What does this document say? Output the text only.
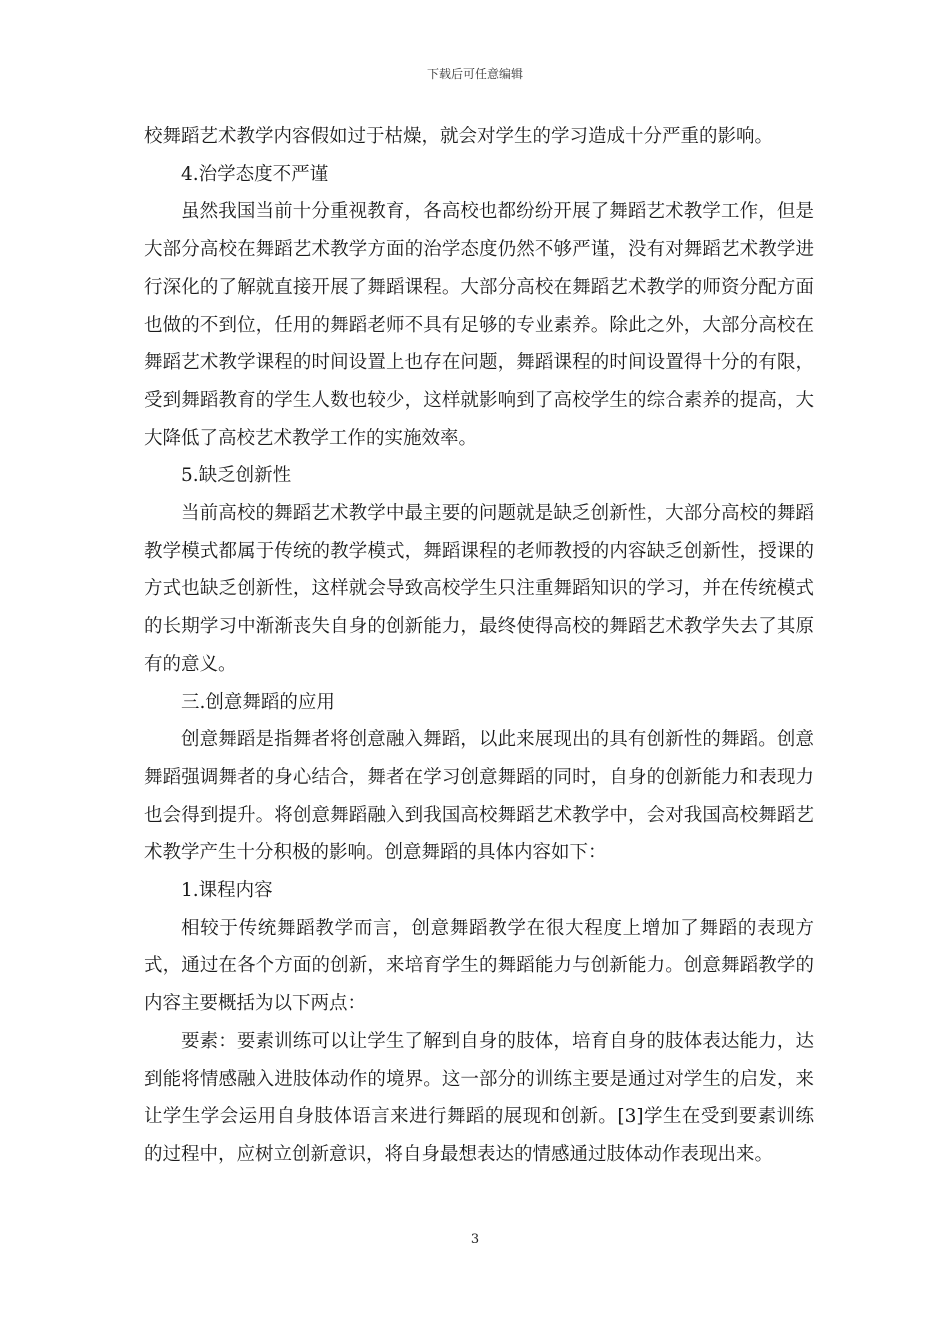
下载后可任意编辑

校舞蹈艺术教学内容假如过于枯燥，就会对学生的学习造成十分严重的影响。

4.治学态度不严谨

虽然我国当前十分重视教育，各高校也都纷纷开展了舞蹈艺术教学工作，但是大部分高校在舞蹈艺术教学方面的治学态度仍然不够严谨，没有对舞蹈艺术教学进行深化的了解就直接开展了舞蹈课程。大部分高校在舞蹈艺术教学的师资分配方面也做的不到位，任用的舞蹈老师不具有足够的专业素养。除此之外，大部分高校在舞蹈艺术教学课程的时间设置上也存在问题，舞蹈课程的时间设置得十分的有限，受到舞蹈教育的学生人数也较少，这样就影响到了高校学生的综合素养的提高，大大降低了高校艺术教学工作的实施效率。

5.缺乏创新性

当前高校的舞蹈艺术教学中最主要的问题就是缺乏创新性，大部分高校的舞蹈教学模式都属于传统的教学模式，舞蹈课程的老师教授的内容缺乏创新性，授课的方式也缺乏创新性，这样就会导致高校学生只注重舞蹈知识的学习，并在传统模式的长期学习中渐渐丧失自身的创新能力，最终使得高校的舞蹈艺术教学失去了其原有的意义。

三.创意舞蹈的应用

创意舞蹈是指舞者将创意融入舞蹈，以此来展现出的具有创新性的舞蹈。创意舞蹈强调舞者的身心结合，舞者在学习创意舞蹈的同时，自身的创新能力和表现力也会得到提升。将创意舞蹈融入到我国高校舞蹈艺术教学中，会对我国高校舞蹈艺术教学产生十分积极的影响。创意舞蹈的具体内容如下：

1.课程内容

相较于传统舞蹈教学而言，创意舞蹈教学在很大程度上增加了舞蹈的表现方式，通过在各个方面的创新，来培育学生的舞蹈能力与创新能力。创意舞蹈教学的内容主要概括为以下两点：

要素：要素训练可以让学生了解到自身的肢体，培育自身的肢体表达能力，达到能将情感融入进肢体动作的境界。这一部分的训练主要是通过对学生的启发，来让学生学会运用自身肢体语言来进行舞蹈的展现和创新。[3]学生在受到要素训练的过程中，应树立创新意识，将自身最想表达的情感通过肢体动作表现出来。

3
